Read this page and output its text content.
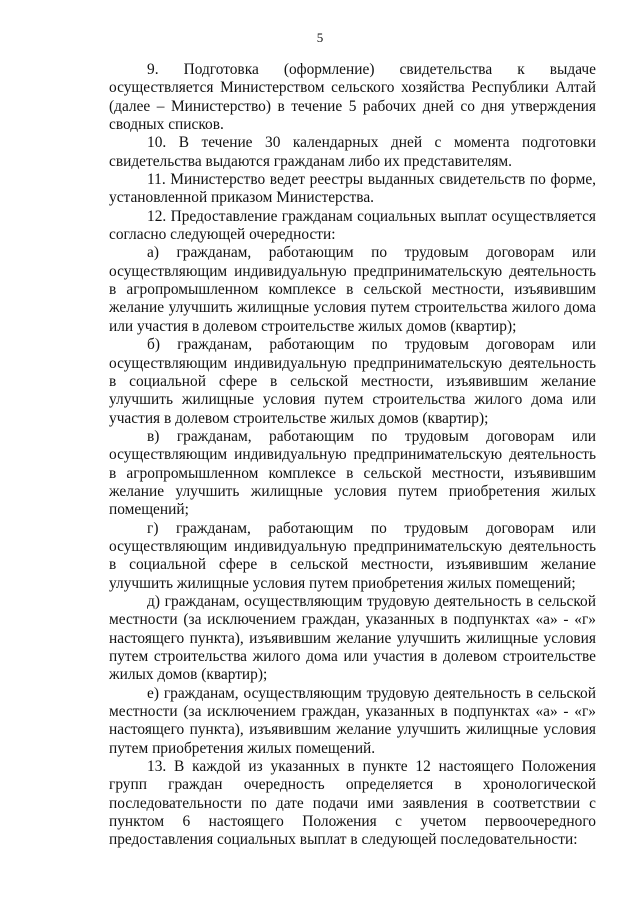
5

9. Подготовка (оформление) свидетельства к выдаче осуществляется Министерством сельского хозяйства Республики Алтай (далее – Министерство) в течение 5 рабочих дней со дня утверждения сводных списков.

10. В течение 30 календарных дней с момента подготовки свидетельства выдаются гражданам либо их представителям.

11. Министерство ведет реестры выданных свидетельств по форме, установленной приказом Министерства.

12. Предоставление гражданам социальных выплат осуществляется согласно следующей очередности:

а) гражданам, работающим по трудовым договорам или осуществляющим индивидуальную предпринимательскую деятельность в агропромышленном комплексе в сельской местности, изъявившим желание улучшить жилищные условия путем строительства жилого дома или участия в долевом строительстве жилых домов (квартир);

б) гражданам, работающим по трудовым договорам или осуществляющим индивидуальную предпринимательскую деятельность в социальной сфере в сельской местности, изъявившим желание улучшить жилищные условия путем строительства жилого дома или участия в долевом строительстве жилых домов (квартир);

в) гражданам, работающим по трудовым договорам или осуществляющим индивидуальную предпринимательскую деятельность в агропромышленном комплексе в сельской местности, изъявившим желание улучшить жилищные условия путем приобретения жилых помещений;

г) гражданам, работающим по трудовым договорам или осуществляющим индивидуальную предпринимательскую деятельность в социальной сфере в сельской местности, изъявившим желание улучшить жилищные условия путем приобретения жилых помещений;

д) гражданам, осуществляющим трудовую деятельность в сельской местности (за исключением граждан, указанных в подпунктах «а» - «г» настоящего пункта), изъявившим желание улучшить жилищные условия путем строительства жилого дома или участия в долевом строительстве жилых домов (квартир);

е) гражданам, осуществляющим трудовую деятельность в сельской местности (за исключением граждан, указанных в подпунктах «а» - «г» настоящего пункта), изъявившим желание улучшить жилищные условия путем приобретения жилых помещений.

13. В каждой из указанных в пункте 12 настоящего Положения групп граждан очередность определяется в хронологической последовательности по дате подачи ими заявления в соответствии с пунктом 6 настоящего Положения с учетом первоочередного предоставления социальных выплат в следующей последовательности:
